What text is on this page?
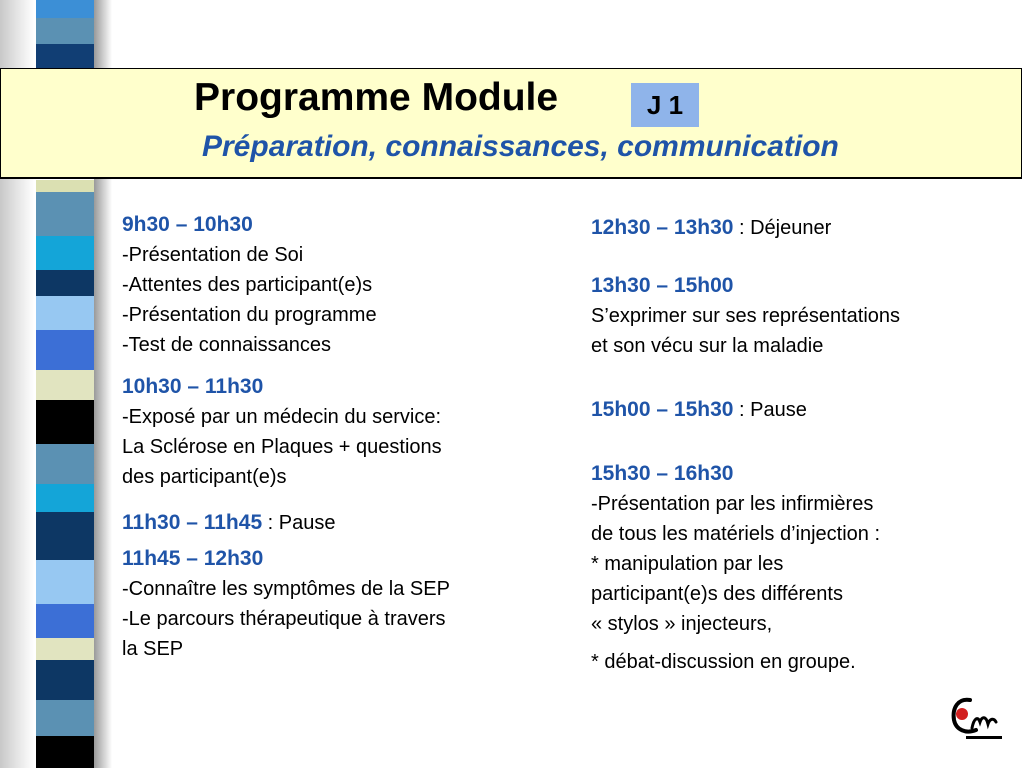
Programme Module	J 1
Préparation, connaissances, communication
9h30 – 10h30
-Présentation de Soi
-Attentes des participant(e)s
-Présentation du programme
-Test de connaissances
10h30 – 11h30
-Exposé par un médecin du service:
La Sclérose en Plaques + questions
des participant(e)s
11h30 – 11h45 : Pause
11h45 – 12h30
-Connaître les symptômes de la SEP
-Le parcours thérapeutique à travers
la SEP
12h30 – 13h30 : Déjeuner
13h30 – 15h00
S’exprimer sur ses représentations
et son vécu sur la maladie
15h00 – 15h30 : Pause
15h30 – 16h30
-Présentation par les infirmières
de tous les matériels d’injection :
* manipulation par les
participant(e)s des différents
« stylos » injecteurs,
* débat-discussion en groupe.
